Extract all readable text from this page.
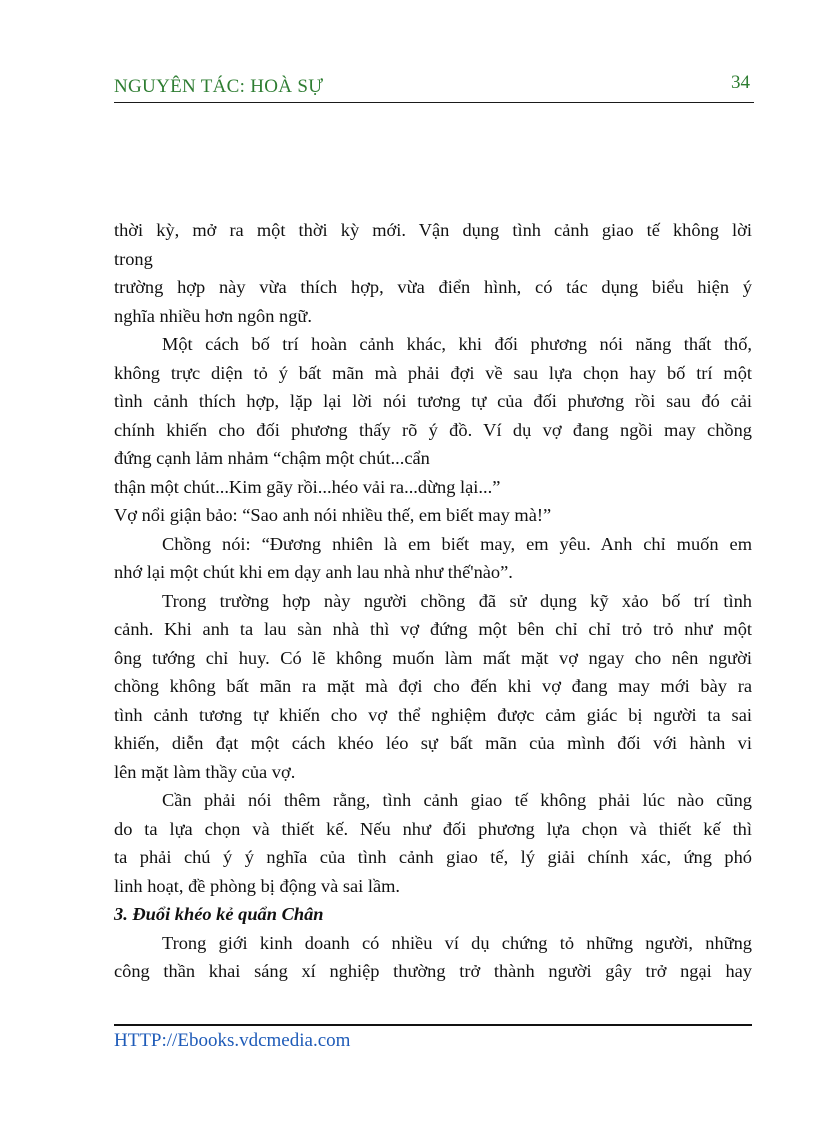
NGUYÊN TÁC: HOÀ SỰ	34
thời kỳ, mở ra một thời kỳ mới. Vận dụng tình cảnh giao tế không lời
trong
trường hợp này vừa thích hợp, vừa điển hình, có tác dụng biểu hiện ý
nghĩa nhiều hơn ngôn ngữ.
Một cách bố trí hoàn cảnh khác, khi đối phương nói năng thất thố,
không trực diện tỏ ý bất mãn mà phải đợi về sau lựa chọn hay bố trí một
tình cảnh thích hợp, lặp lại lời nói tương tự của đối phương rồi sau đó cải
chính khiến cho đối phương thấy rõ ý đồ. Ví dụ vợ đang ngồi may chồng
đứng cạnh lảm nhảm “chậm một chút...cẩn
thận một chút...Kim gãy rồi...héo vải ra...dừng lại...”
Vợ nổi giận bảo: “Sao anh nói nhiều thế, em biết may mà!”
Chồng nói: “Đương nhiên là em biết may, em yêu. Anh chỉ muốn em
nhớ lại một chút khi em dạy anh lau nhà như thế'nào”.
Trong trường hợp này người chồng đã sử dụng kỹ xảo bố trí tình
cảnh. Khi anh ta lau sàn nhà thì vợ đứng một bên chỉ chỉ trỏ trỏ như một
ông tướng chỉ huy. Có lẽ không muốn làm mất mặt vợ ngay cho nên người
chồng không bất mãn ra mặt mà đợi cho đến khi vợ đang may mới bày ra
tình cảnh tương tự khiến cho vợ thể nghiệm được cảm giác bị người ta sai
khiến, diễn đạt một cách khéo léo sự bất mãn của mình đối với hành vi
lên mặt làm thầy của vợ.
Cần phải nói thêm rằng, tình cảnh giao tế không phải lúc nào cũng
do ta lựa chọn và thiết kế. Nếu như đối phương lựa chọn và thiết kế thì
ta phải chú ý ý nghĩa của tình cảnh giao tế, lý giải chính xác, ứng phó
linh hoạt, đề phòng bị động và sai lầm.
3. Đuổi khéo kẻ quẩn Chân
Trong giới kinh doanh có nhiều ví dụ chứng tỏ những người, những
công thần khai sáng xí nghiệp thường trở thành người gây trở ngại hay
HTTP://Ebooks.vdcmedia.com
